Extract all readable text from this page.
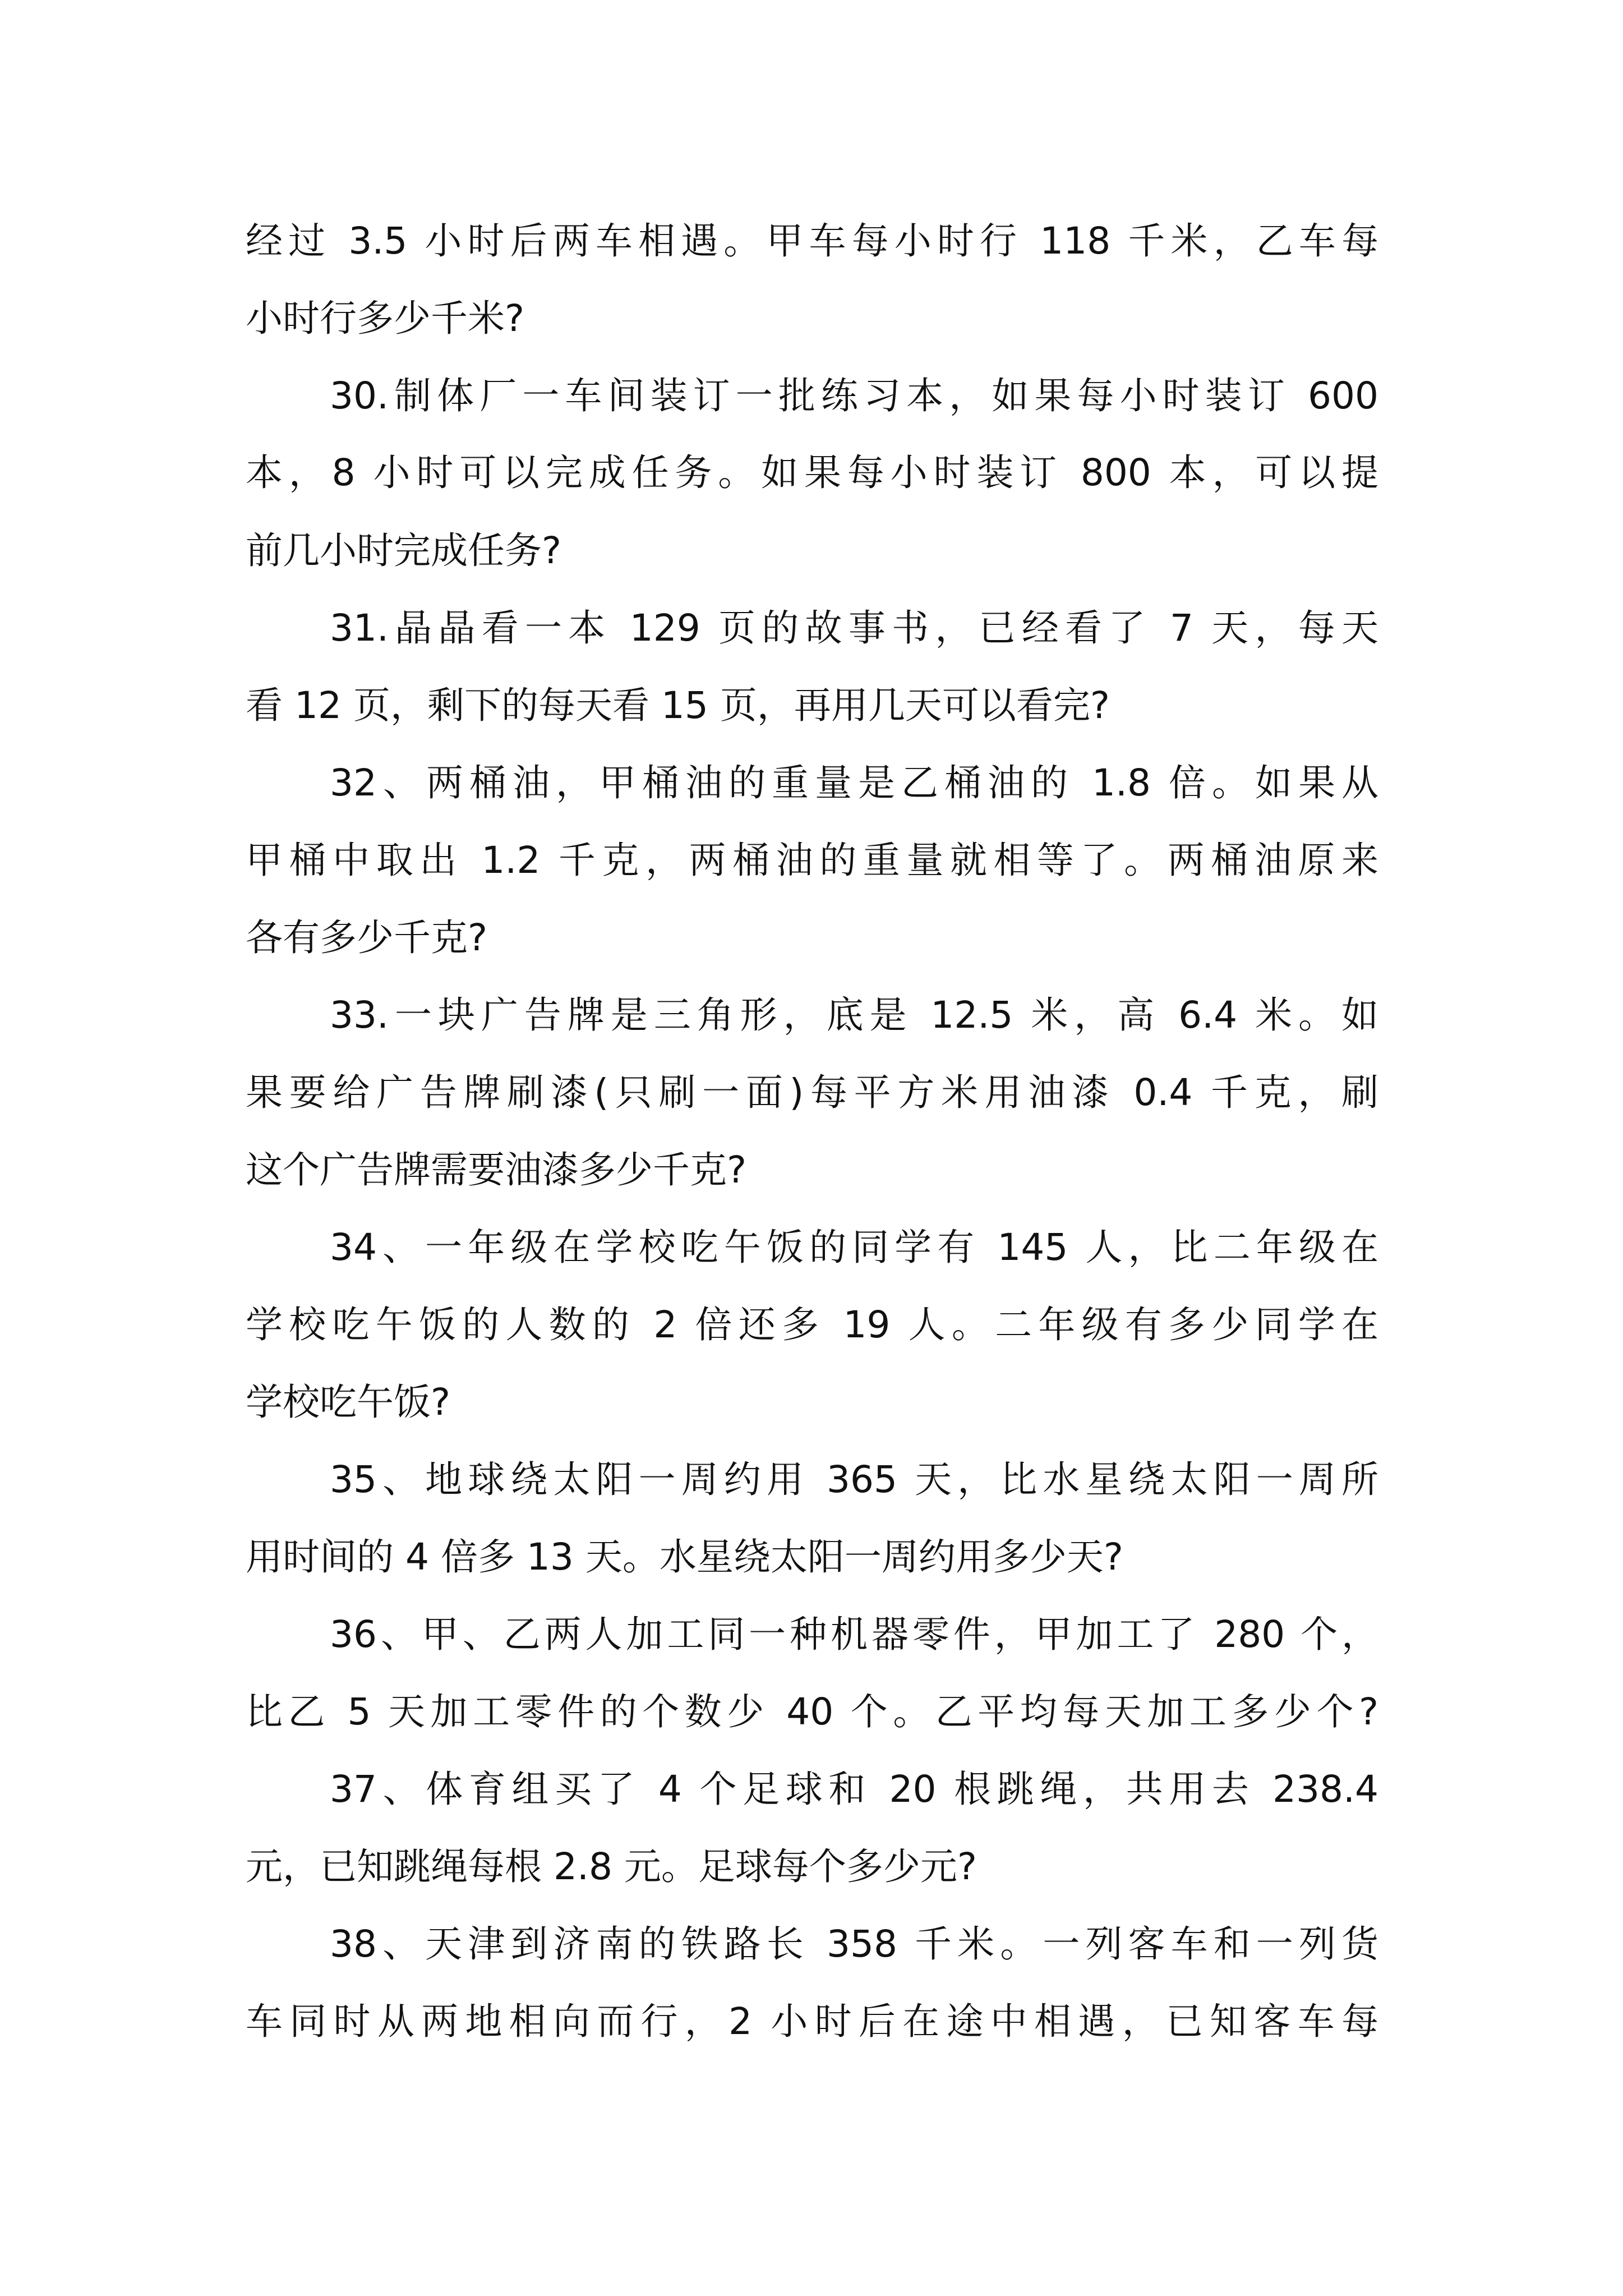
经过 3.5 小时后两车相遇。甲车每小时行 118 千米，乙车每
小时行多少千米?
30.制体厂一车间装订一批练习本，如果每小时装订 600
本，8 小时可以完成任务。如果每小时装订 800 本，可以提
前几小时完成任务?
31.晶晶看一本 129 页的故事书，已经看了 7 天，每天
看 12 页，剩下的每天看 15 页，再用几天可以看完?
32、两桶油，甲桶油的重量是乙桶油的 1.8 倍。如果从
甲桶中取出 1.2 千克，两桶油的重量就相等了。两桶油原来
各有多少千克?
33.一块广告牌是三角形，底是 12.5 米，高 6.4 米。如
果要给广告牌刷漆(只刷一面)每平方米用油漆 0.4 千克，刷
这个广告牌需要油漆多少千克?
34、一年级在学校吃午饭的同学有 145 人，比二年级在
学校吃午饭的人数的 2 倍还多 19 人。二年级有多少同学在
学校吃午饭?
35、地球绕太阳一周约用 365 天，比水星绕太阳一周所
用时间的 4 倍多 13 天。水星绕太阳一周约用多少天?
36、甲、乙两人加工同一种机器零件，甲加工了 280 个，
比乙 5 天加工零件的个数少 40 个。乙平均每天加工多少个?
37、体育组买了 4 个足球和 20 根跳绳，共用去 238.4
元，已知跳绳每根 2.8 元。足球每个多少元?
38、天津到济南的铁路长 358 千米。一列客车和一列货
车同时从两地相向而行，2 小时后在途中相遇，已知客车每
